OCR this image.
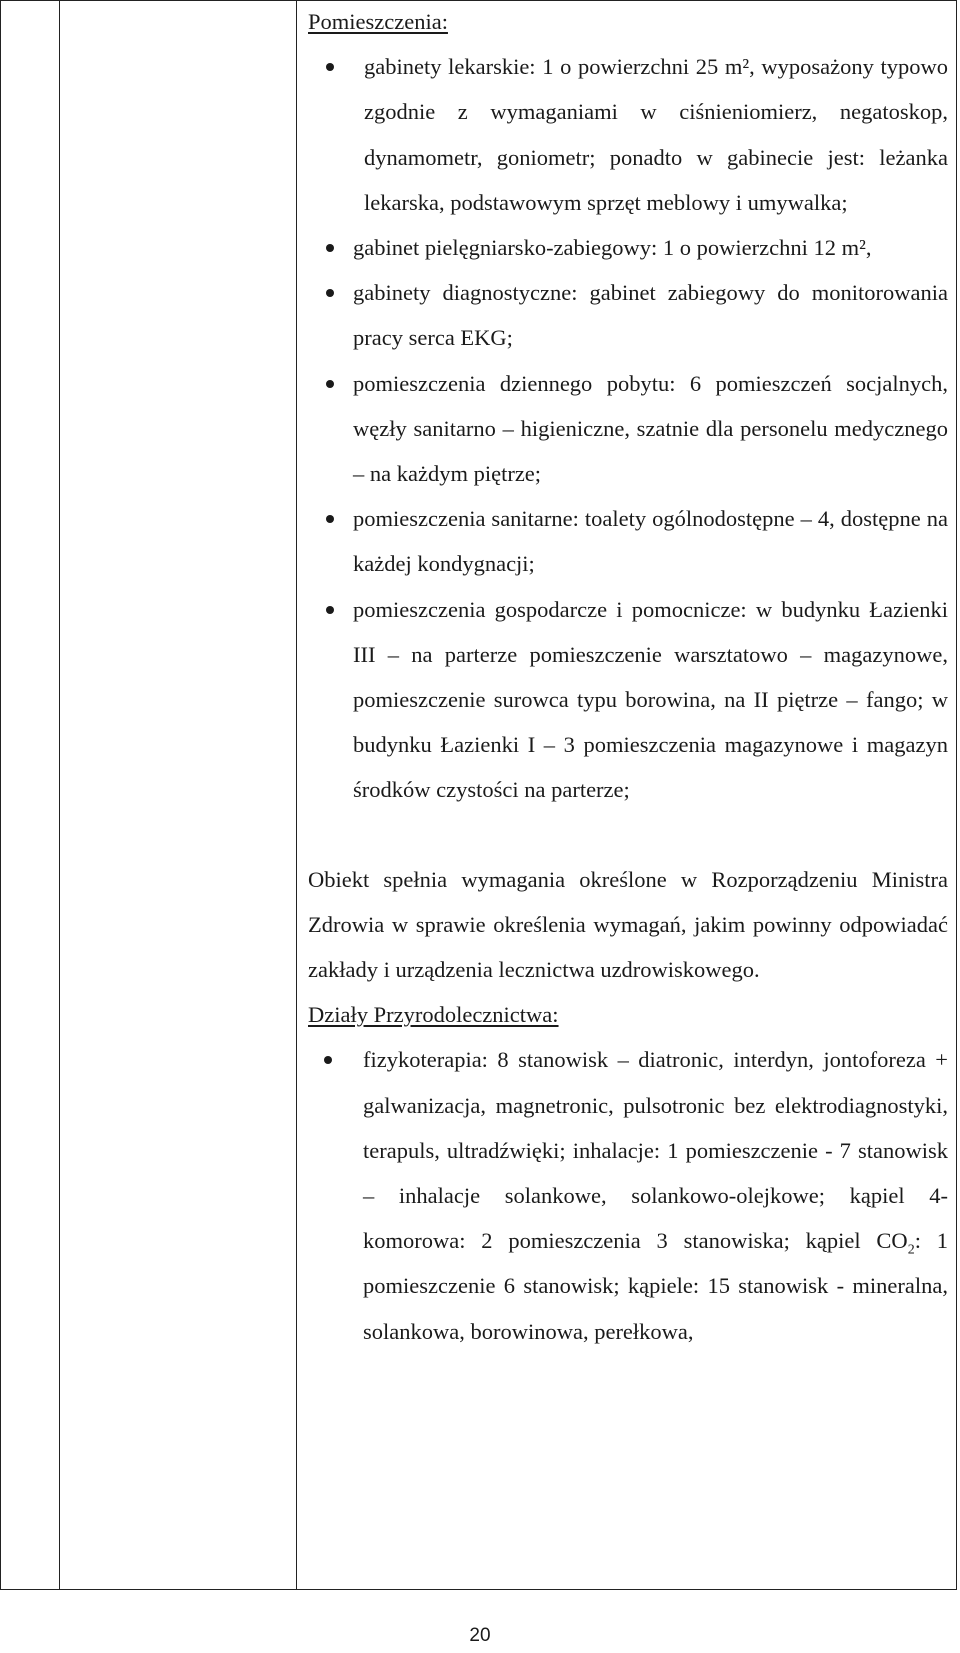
Pomieszczenia:
gabinety lekarskie: 1 o powierzchni 25 m², wyposażony typowo zgodnie z wymaganiami w ciśnieniomierz, negatoskop, dynamometr, goniometr; ponadto w gabinecie jest: leżanka lekarska, podstawowym sprzęt meblowy i umywalka;
gabinet pielęgniarsko-zabiegowy: 1 o powierzchni 12 m²,
gabinety diagnostyczne: gabinet zabiegowy do monitorowania pracy serca EKG;
pomieszczenia dziennego pobytu: 6 pomieszczeń socjalnych, węzły sanitarno – higieniczne, szatnie dla personelu medycznego – na każdym piętrze;
pomieszczenia sanitarne: toalety ogólnodostępne – 4, dostępne na każdej kondygnacji;
pomieszczenia gospodarcze i pomocnicze: w budynku Łazienki III – na parterze pomieszczenie warsztatowo – magazynowe, pomieszczenie surowca typu borowina, na II piętrze – fango; w budynku Łazienki I – 3 pomieszczenia magazynowe i magazyn środków czystości na parterze;

Obiekt spełnia wymagania określone w Rozporządzeniu Ministra Zdrowia w sprawie określenia wymagań, jakim powinny odpowiadać zakłady i urządzenia lecznictwa uzdrowiskowego.

Działy Przyrodolecznictwa:
fizykoterapia: 8 stanowisk – diatronic, interdyn, jontoforeza + galwanizacja, magnetronic, pulsotronic bez elektrodiagnostyki, terapuls, ultradźwięki; inhalacje: 1 pomieszczenie - 7 stanowisk – inhalacje solankowe, solankowo-olejkowe; kąpiel 4-komorowa: 2 pomieszczenia 3 stanowiska; kąpiel $CO_2$: 1 pomieszczenie 6 stanowisk; kąpiele: 15 stanowisk - mineralna, solankowa, borowinowa, perełkowa,
20
